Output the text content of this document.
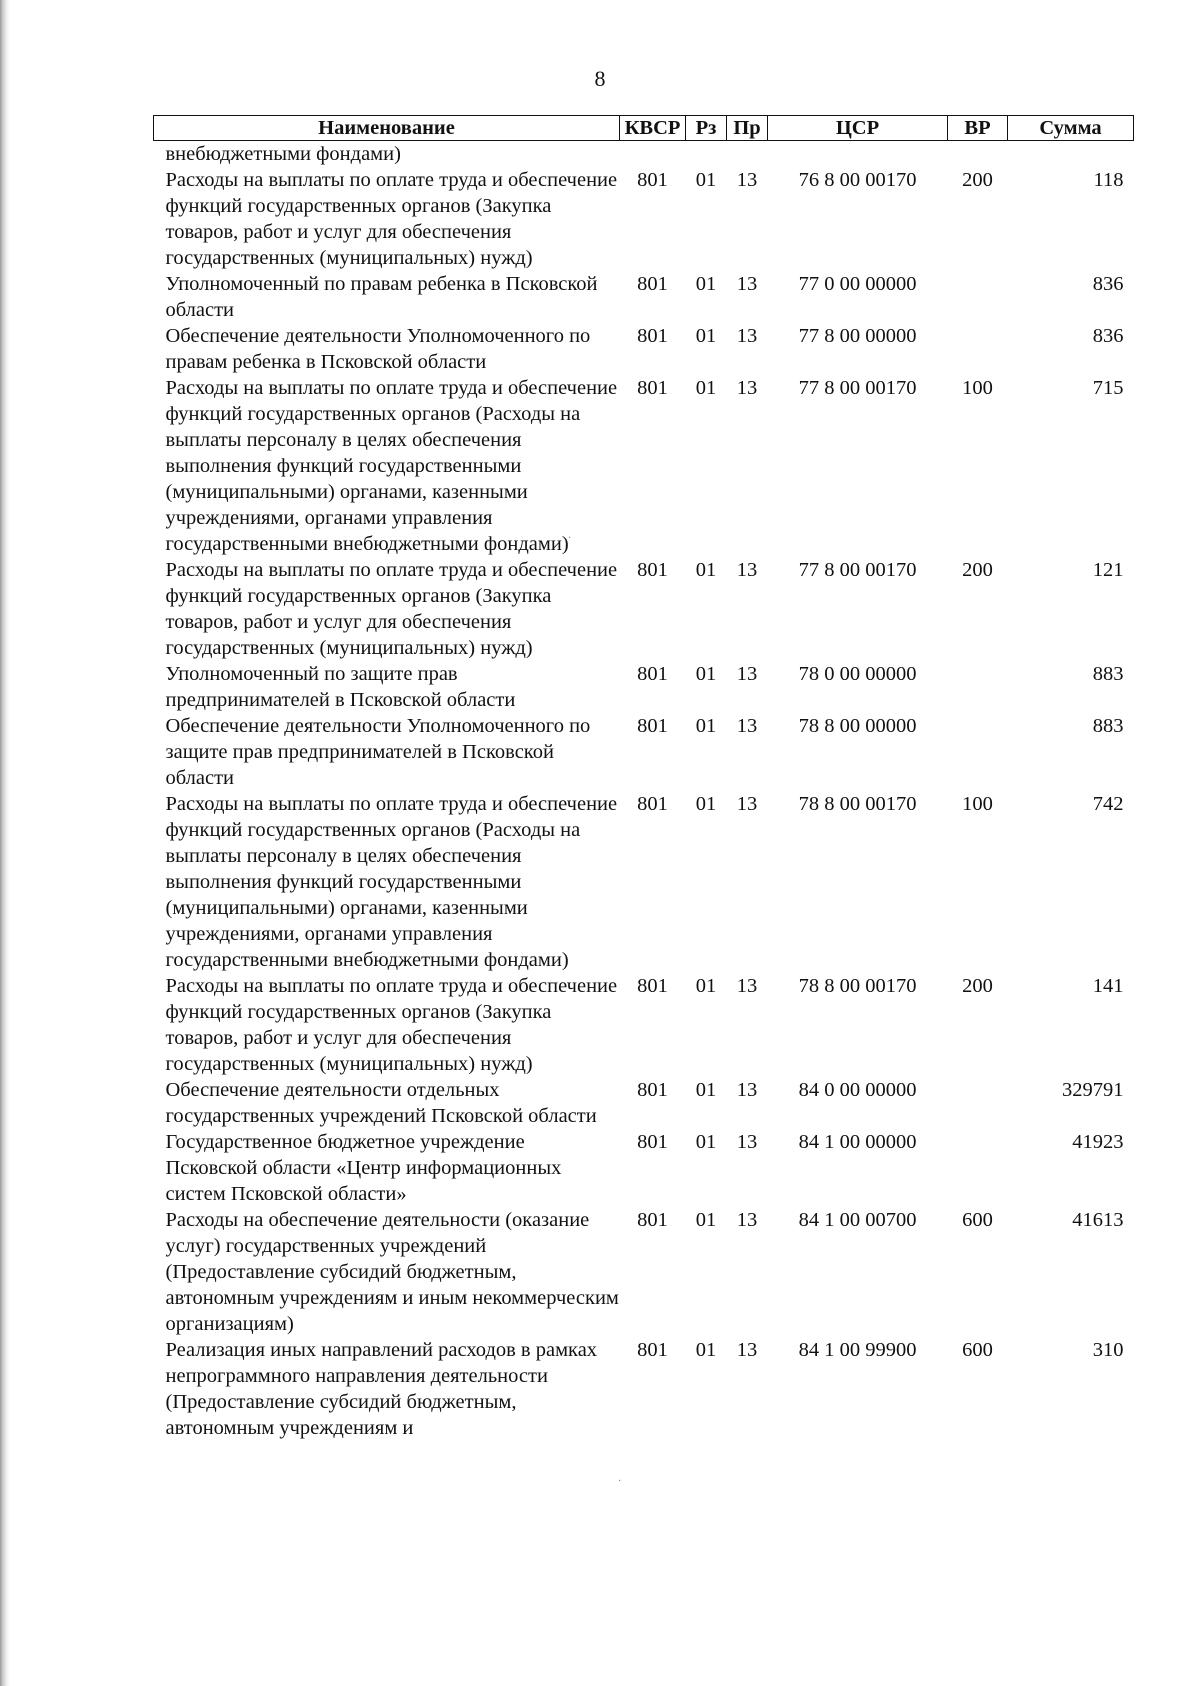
8
Наименование	КВСР	Рз	Пр	ЦСР	ВР	Сумма
внебюджетными фондами)						
Расходы на выплаты по оплате труда и обеспечение функций государственных органов (Закупка товаров, работ и услуг для обеспечения государственных (муниципальных) нужд)	801	01	13	76 8 00 00170	200	118
Уполномоченный по правам ребенка в Псковской области	801	01	13	77 0 00 00000		836
Обеспечение деятельности Уполномоченного по правам ребенка в Псковской области	801	01	13	77 8 00 00000		836
Расходы на выплаты по оплате труда и обеспечение функций государственных органов (Расходы на выплаты персоналу в целях обеспечения выполнения функций государственными (муниципальными) органами, казенными учреждениями, органами управления государственными внебюджетными фондами)	801	01	13	77 8 00 00170	100	715
Расходы на выплаты по оплате труда и обеспечение функций государственных органов (Закупка товаров, работ и услуг для обеспечения государственных (муниципальных) нужд)	801	01	13	77 8 00 00170	200	121
Уполномоченный по защите прав предпринимателей в Псковской области	801	01	13	78 0 00 00000		883
Обеспечение деятельности Уполномоченного по защите прав предпринимателей в Псковской области	801	01	13	78 8 00 00000		883
Расходы на выплаты по оплате труда и обеспечение функций государственных органов (Расходы на выплаты персоналу в целях обеспечения выполнения функций государственными (муниципальными) органами, казенными учреждениями, органами управления государственными внебюджетными фондами)	801	01	13	78 8 00 00170	100	742
Расходы на выплаты по оплате труда и обеспечение функций государственных органов (Закупка товаров, работ и услуг для обеспечения государственных (муниципальных) нужд)	801	01	13	78 8 00 00170	200	141
Обеспечение деятельности отдельных государственных учреждений Псковской области	801	01	13	84 0 00 00000		329791
Государственное бюджетное учреждение Псковской области «Центр информационных систем Псковской области»	801	01	13	84 1 00 00000		41923
Расходы на обеспечение деятельности (оказание услуг) государственных учреждений (Предоставление субсидий бюджетным, автономным учреждениям и иным некоммерческим организациям)	801	01	13	84 1 00 00700	600	41613
Реализация иных направлений расходов в рамках непрограммного направления деятельности (Предоставление субсидий бюджетным, автономным учреждениям и	801	01	13	84 1 00 99900	600	310
·
·
